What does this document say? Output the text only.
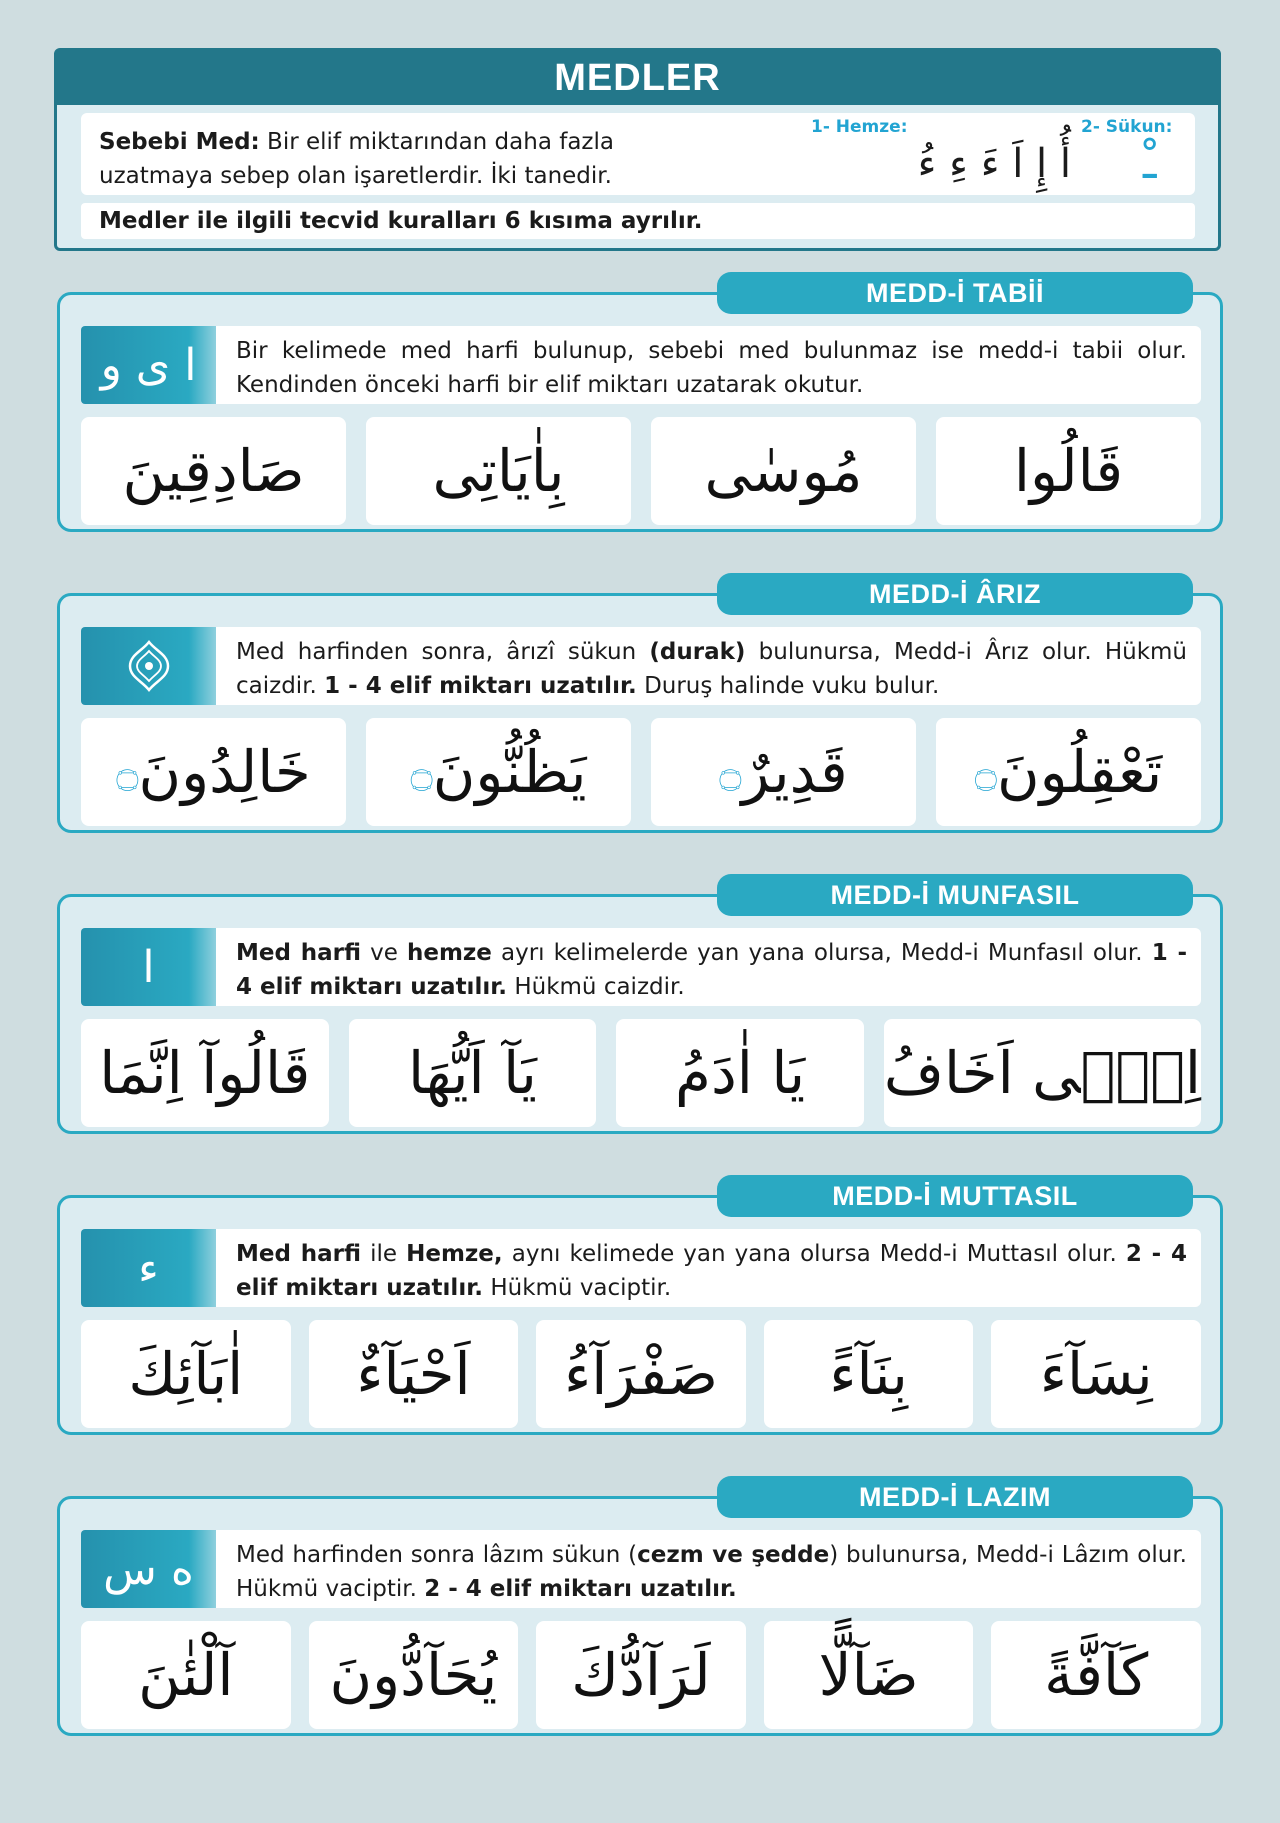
MEDLER
Sebebi Med: Bir elif miktarından daha fazla uzatmaya sebep olan işaretlerdir. İki tanedir.
1- Hemze:	2- Sükun:
أُ إِ اَ ءَ ءِ ءُ ـْ
Medler ile ilgili tecvid kuralları 6 kısıma ayrılır.
MEDD-İ TABİİ
ا ى و	Bir kelimede med harfi bulunup, sebebi med bulunmaz ise medd-i tabii olur. Kendinden önceki harfi bir elif miktarı uzatarak okutur.
صَادِقِينَ بِاٰيَاتِى مُوسٰى	قَالُوا
MEDD-İ ÂRIZ
Med harfinden sonra, ârızî sükun (durak) bulunursa, Medd-i Ârız olur. Hükmü caizdir. 1 - 4 elif miktarı uzatılır. Duruş halinde vuku bulur.
خَالِدُونَ
۝	يَظُنُّونَ
۝	قَدِيرٌ
۝	تَعْقِلُونَ
۝
MEDD-İ MUNFASIL
ا	Med harfi ve hemze ayrı kelimelerde yan yana olursa, Medd-i Munfasıl olur. 1 - 4 elif miktarı uzatılır. Hükmü caizdir.
قَالُوآ اِنَّمَا يَآ اَيُّهَا يَا اٰدَمُ اِنّٖى اَخَافُ
MEDD-İ MUTTASIL
ء	Med harfi ile Hemze, aynı kelimede yan yana olursa Medd-i Muttasıl olur. 2 - 4 elif miktarı uzatılır. Hükmü vaciptir.
اٰبَآئِكَ اَحْيَآءٌ صَفْرَآءُ بِنَآءً نِسَآءَ
MEDD-İ LAZIM
ه س	Med harfinden sonra lâzım sükun (cezm ve şedde) bulunursa, Medd-i Lâzım olur. Hükmü vaciptir. 2 - 4 elif miktarı uzatılır.
آلْئٰنَ يُحَآدُّونَ لَرَآدُّكَ ضَآلًّا كَآفَّةً
